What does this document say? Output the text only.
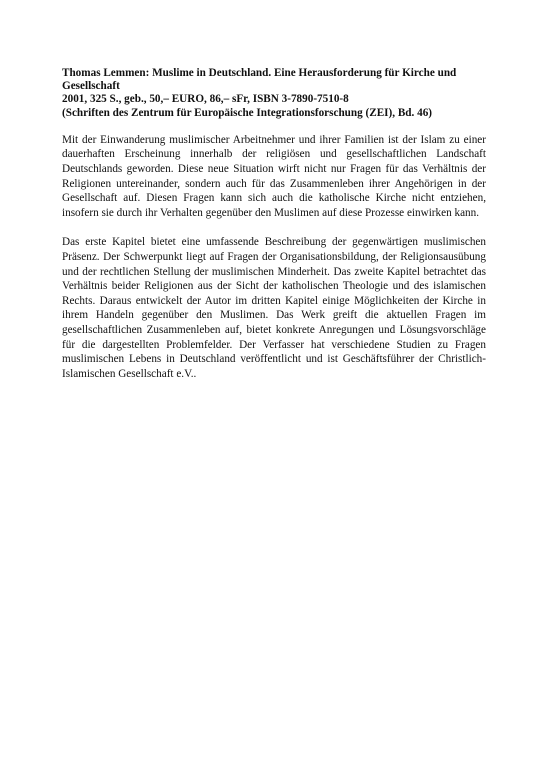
Thomas Lemmen: Muslime in Deutschland. Eine Herausforderung für Kirche und Gesellschaft
2001, 325 S., geb., 50,– EURO, 86,– sFr, ISBN 3-7890-7510-8
(Schriften des Zentrum für Europäische Integrationsforschung (ZEI), Bd. 46)

Mit der Einwanderung muslimischer Arbeitnehmer und ihrer Familien ist der Islam zu einer dauerhaften Erscheinung innerhalb der religiösen und gesellschaftlichen Landschaft Deutschlands geworden. Diese neue Situation wirft nicht nur Fragen für das Verhältnis der Religionen untereinander, sondern auch für das Zusammenleben ihrer Angehörigen in der Gesellschaft auf. Diesen Fragen kann sich auch die katholische Kirche nicht entziehen, insofern sie durch ihr Verhalten gegenüber den Muslimen auf diese Prozesse einwirken kann.

Das erste Kapitel bietet eine umfassende Beschreibung der gegenwärtigen muslimischen Präsenz. Der Schwerpunkt liegt auf Fragen der Organisationsbildung, der Religionsausübung und der rechtlichen Stellung der muslimischen Minderheit. Das zweite Kapitel betrachtet das Verhältnis beider Religionen aus der Sicht der katholischen Theologie und des islamischen Rechts. Daraus entwickelt der Autor im dritten Kapitel einige Möglichkeiten der Kirche in ihrem Handeln gegenüber den Muslimen. Das Werk greift die aktuellen Fragen im gesellschaftlichen Zusammenleben auf, bietet konkrete Anregungen und Lösungsvorschläge für die dargestellten Problemfelder. Der Verfasser hat verschiedene Studien zu Fragen muslimischen Lebens in Deutschland veröffentlicht und ist Geschäftsführer der Christlich-Islamischen Gesellschaft e.V..
